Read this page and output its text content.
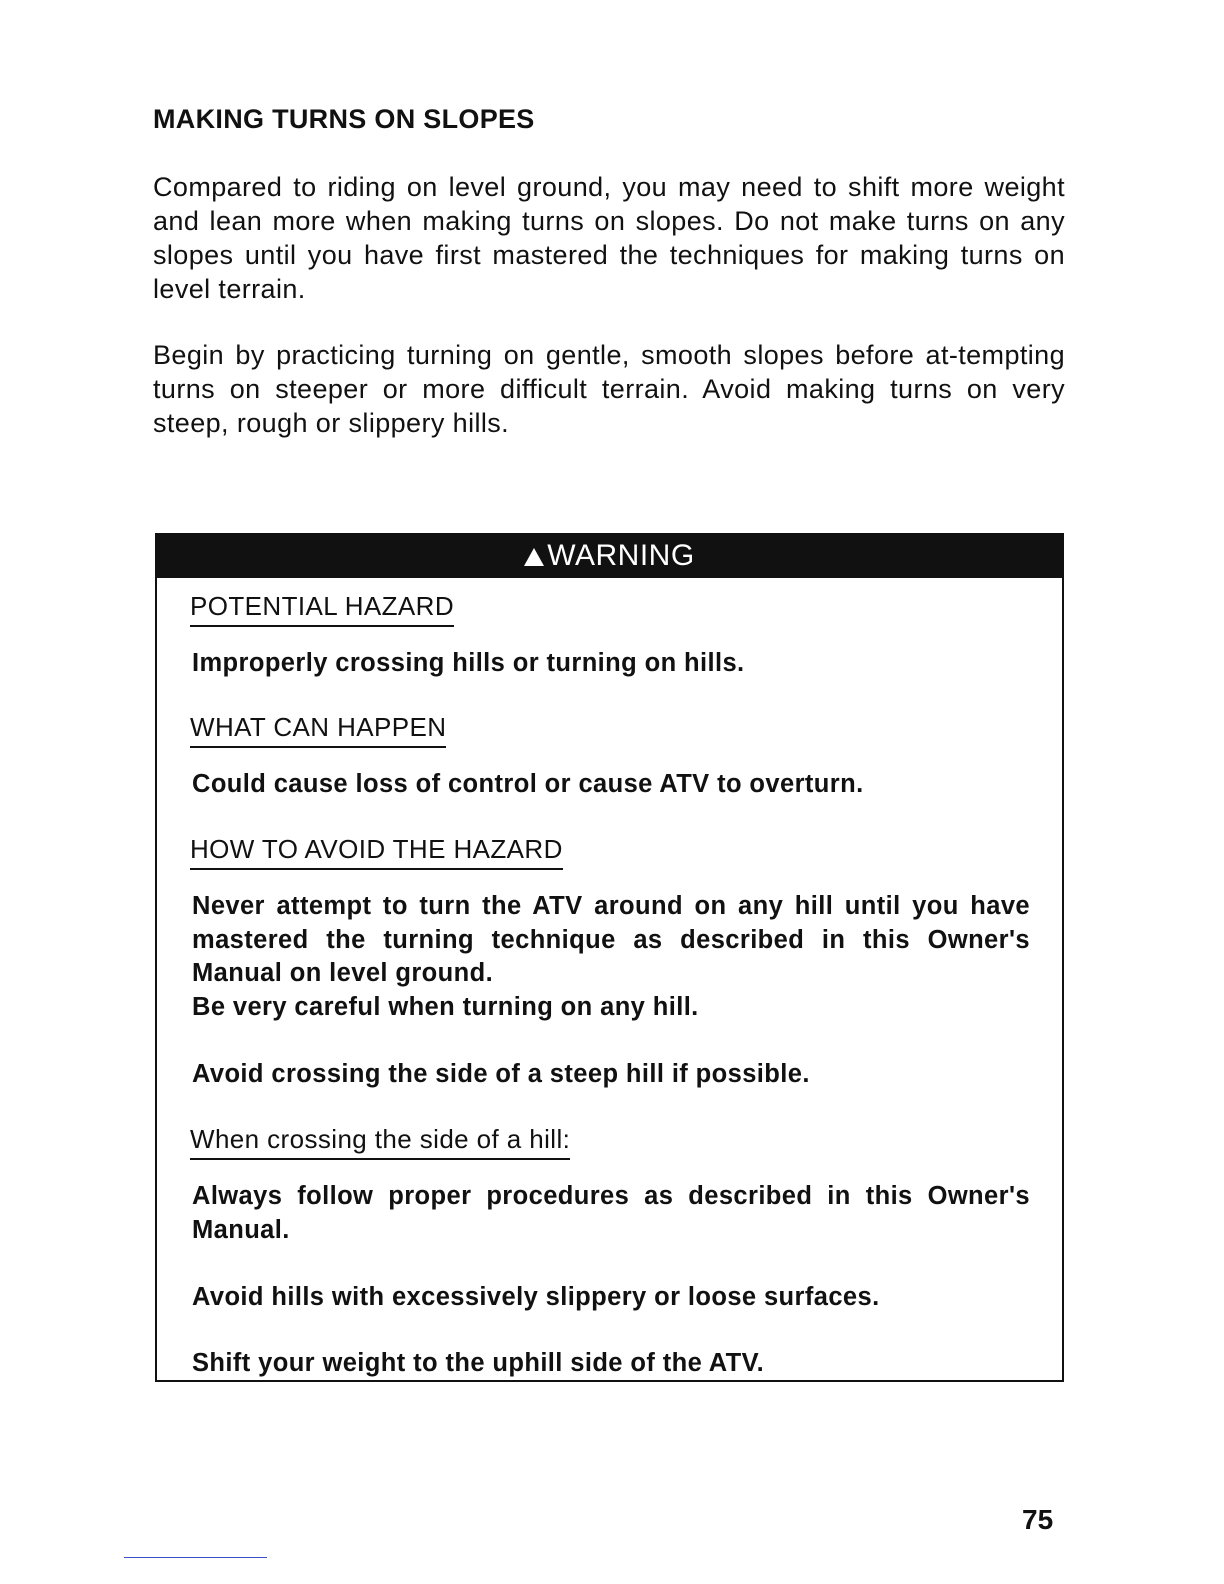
MAKING TURNS ON SLOPES

Compared to riding on level ground, you may need to shift more weight and lean more when making turns on slopes. Do not make turns on any slopes until you have first mastered the techniques for making turns on level terrain.

Begin by practicing turning on gentle, smooth slopes before at-tempting turns on steeper or more difficult terrain. Avoid making turns on very steep, rough or slippery hills.

WARNING
POTENTIAL HAZARD

Improperly crossing hills or turning on hills.

WHAT CAN HAPPEN

Could cause loss of control or cause ATV to overturn.

HOW TO AVOID THE HAZARD

Never attempt to turn the ATV around on any hill until you have mastered the turning technique as described in this Owner's Manual on level ground.

Be very careful when turning on any hill.

Avoid crossing the side of a steep hill if possible.

When crossing the side of a hill:

Always follow proper procedures as described in this Owner's Manual.

Avoid hills with excessively slippery or loose surfaces.

Shift your weight to the uphill side of the ATV.

75
